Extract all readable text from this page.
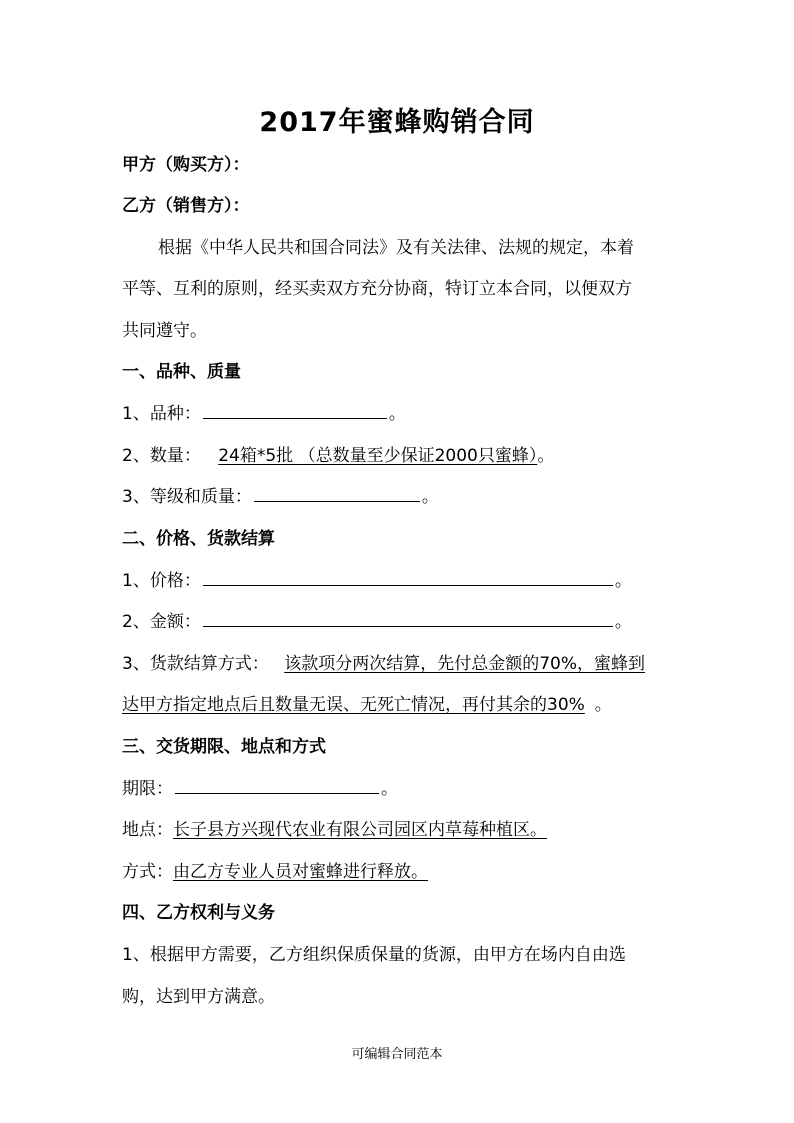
2017年蜜蜂购销合同
甲方（购买方）：
乙方（销售方）：
根据《中华人民共和国合同法》及有关法律、法规的规定，本着
平等、互利的原则，经买卖双方充分协商，特订立本合同，以便双方
共同遵守。
一、品种、质量
1、品种：	。
2、数量： 24箱*5批 （总数量至少保证2000只蜜蜂）。
3、等级和质量：	。
二、价格、货款结算
1、价格：	。
2、金额：	。
3、货款结算方式： 该款项分两次结算，先付总金额的70%，蜜蜂到
达甲方指定地点后且数量无误、无死亡情况，再付其余的30% 。
三、交货期限、地点和方式
期限：	。
地点：长子县方兴现代农业有限公司园区内草莓种植区。
方式：由乙方专业人员对蜜蜂进行释放。
四、乙方权利与义务
1、根据甲方需要，乙方组织保质保量的货源，由甲方在场内自由选
购，达到甲方满意。
可编辑合同范本
